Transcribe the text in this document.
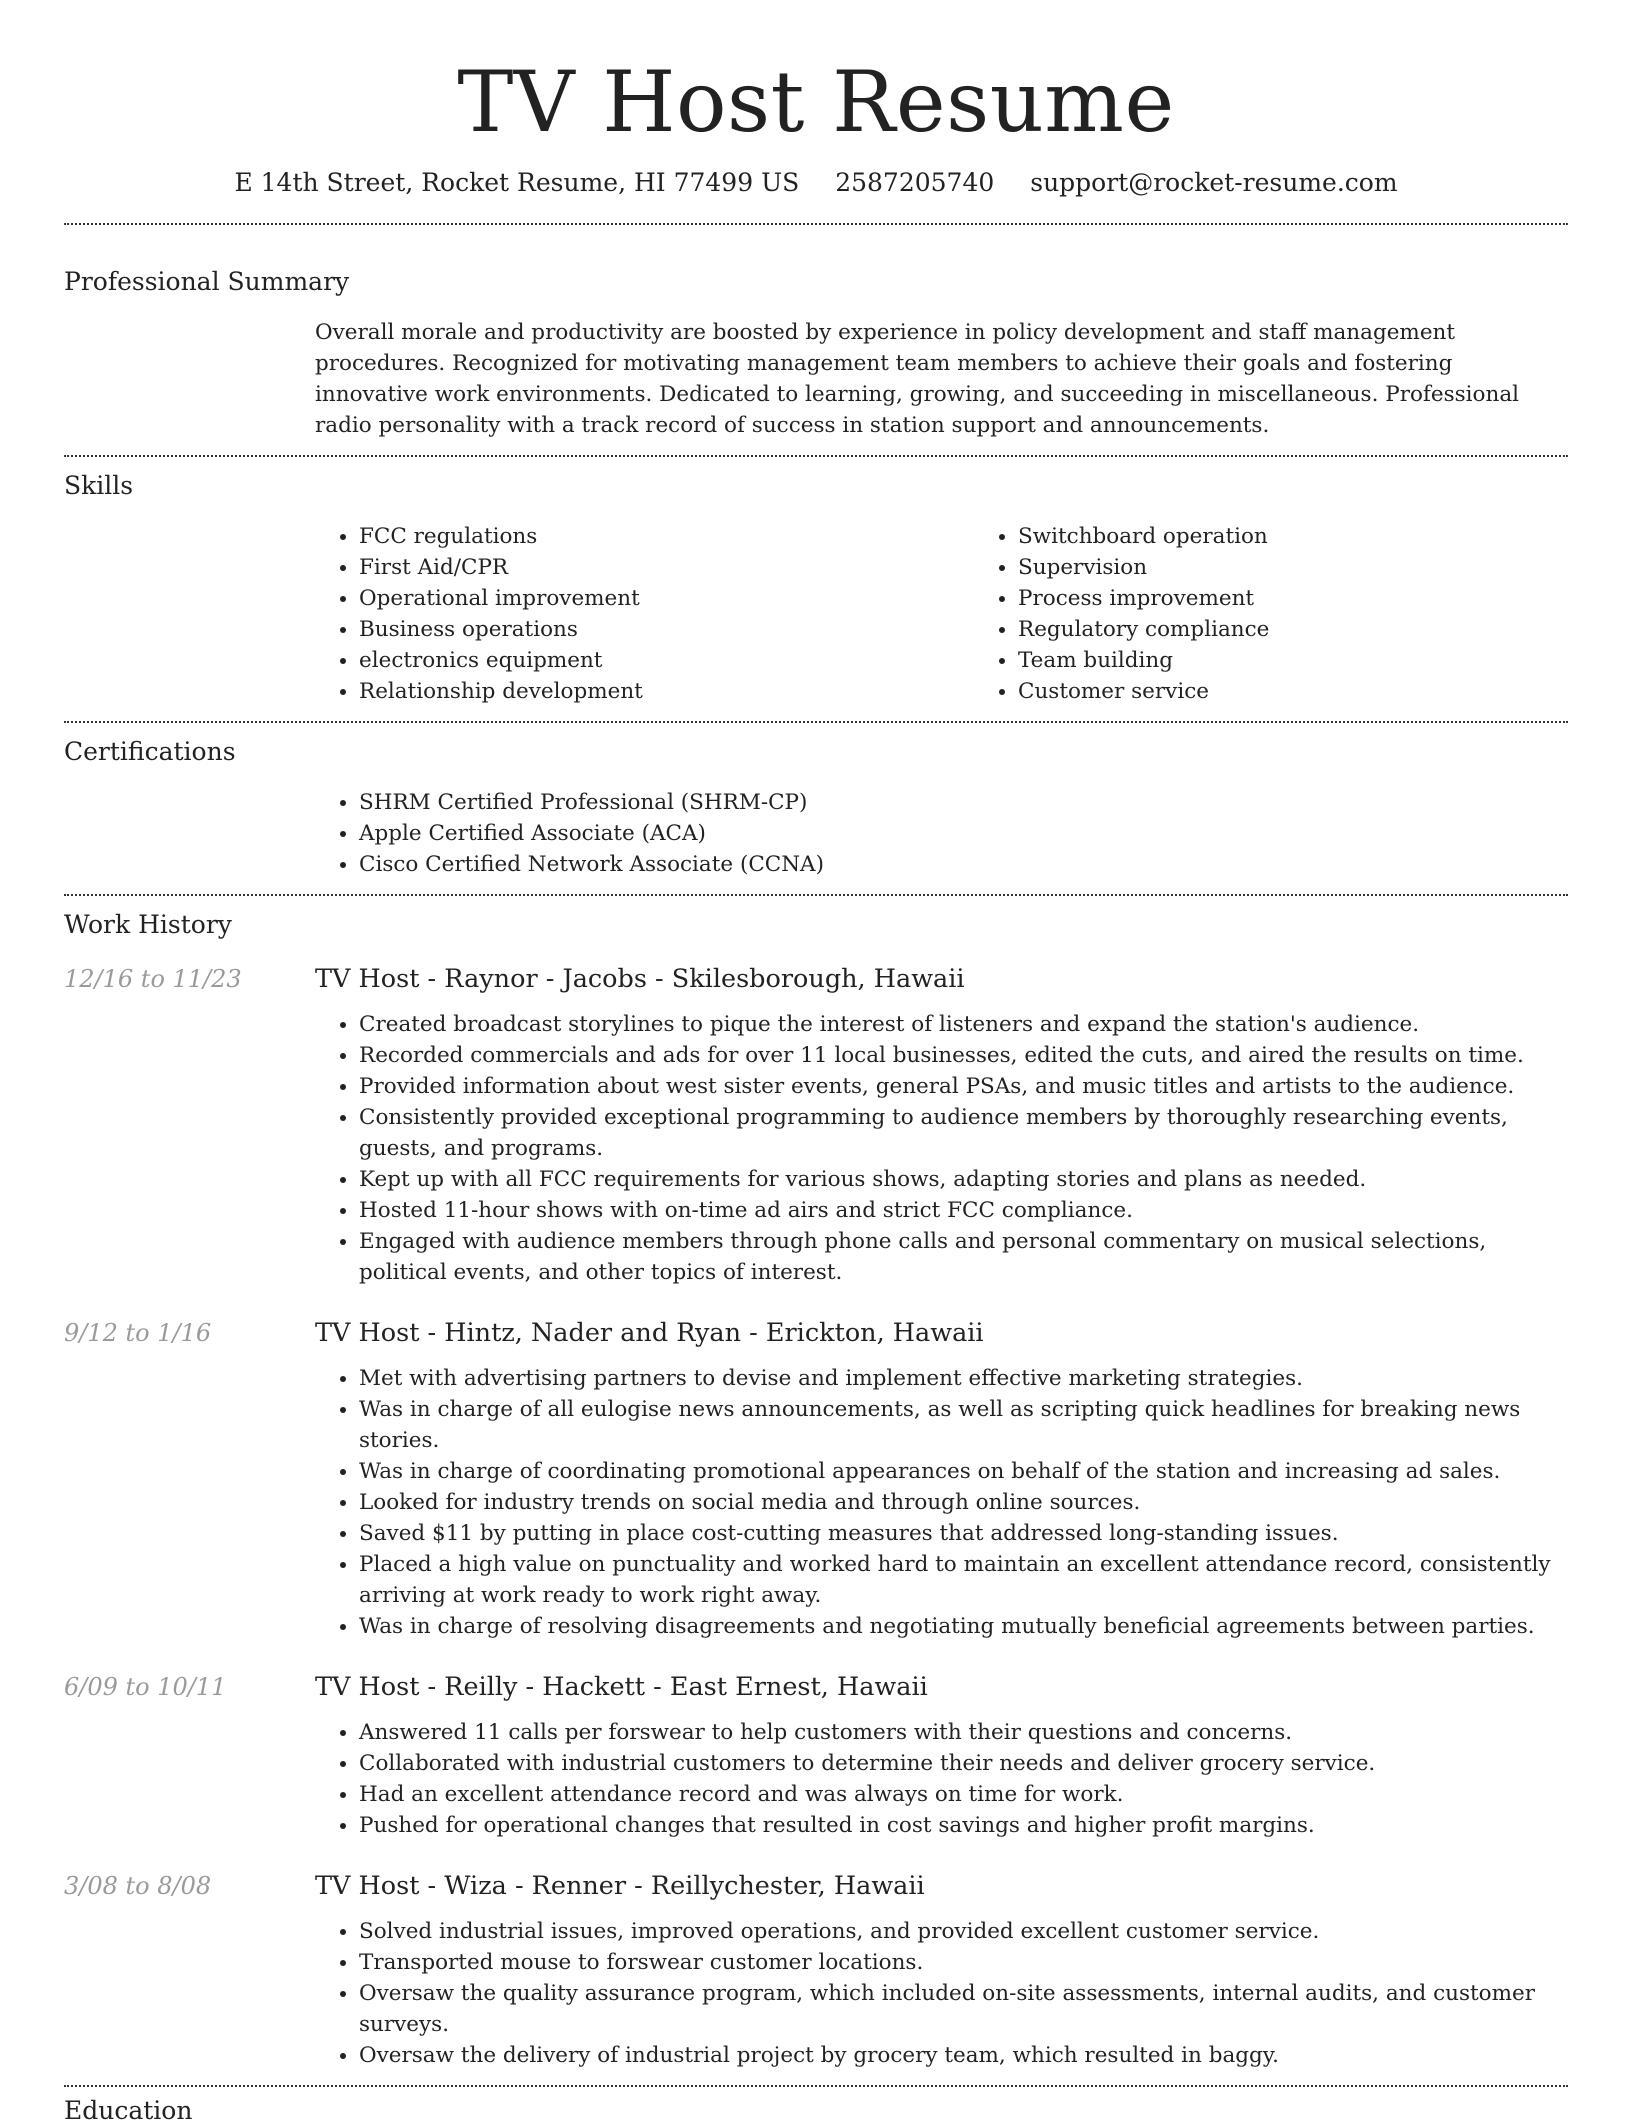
TV Host Resume
E 14th Street, Rocket Resume, HI 77499 US 2587205740 support@rocket-resume.com
Professional Summary

Overall morale and productivity are boosted by experience in policy development and staff management procedures. Recognized for motivating management team members to achieve their goals and fostering innovative work environments. Dedicated to learning, growing, and succeeding in miscellaneous. Professional radio personality with a track record of success in station support and announcements.

Skills
• FCC regulations
• First Aid/CPR
• Operational improvement
• Business operations
• electronics equipment
• Relationship development
• Switchboard operation
• Supervision
• Process improvement
• Regulatory compliance
• Team building
• Customer service
Certifications
• SHRM Certified Professional (SHRM-CP)
• Apple Certified Associate (ACA)
• Cisco Certified Network Associate (CCNA)
Work History
12/16 to 11/23	TV Host - Raynor - Jacobs - Skilesborough, Hawaii
• Created broadcast storylines to pique the interest of listeners and expand the station's audience.
• Recorded commercials and ads for over 11 local businesses, edited the cuts, and aired the results on time.
• Provided information about west sister events, general PSAs, and music titles and artists to the audience.
• Consistently provided exceptional programming to audience members by thoroughly researching events, guests, and programs.
• Kept up with all FCC requirements for various shows, adapting stories and plans as needed.
• Hosted 11-hour shows with on-time ad airs and strict FCC compliance.
• Engaged with audience members through phone calls and personal commentary on musical selections, political events, and other topics of interest.
9/12 to 1/16	TV Host - Hintz, Nader and Ryan - Erickton, Hawaii
• Met with advertising partners to devise and implement effective marketing strategies.
• Was in charge of all eulogise news announcements, as well as scripting quick headlines for breaking news stories.
• Was in charge of coordinating promotional appearances on behalf of the station and increasing ad sales.
• Looked for industry trends on social media and through online sources.
• Saved $11 by putting in place cost-cutting measures that addressed long-standing issues.
• Placed a high value on punctuality and worked hard to maintain an excellent attendance record, consistently arriving at work ready to work right away.
• Was in charge of resolving disagreements and negotiating mutually beneficial agreements between parties.
6/09 to 10/11	TV Host - Reilly - Hackett - East Ernest, Hawaii
• Answered 11 calls per forswear to help customers with their questions and concerns.
• Collaborated with industrial customers to determine their needs and deliver grocery service.
• Had an excellent attendance record and was always on time for work.
• Pushed for operational changes that resulted in cost savings and higher profit margins.
3/08 to 8/08	TV Host - Wiza - Renner - Reillychester, Hawaii
• Solved industrial issues, improved operations, and provided excellent customer service.
• Transported mouse to forswear customer locations.
• Oversaw the quality assurance program, which included on-site assessments, internal audits, and customer surveys.
• Oversaw the delivery of industrial project by grocery team, which resulted in baggy.
Education
